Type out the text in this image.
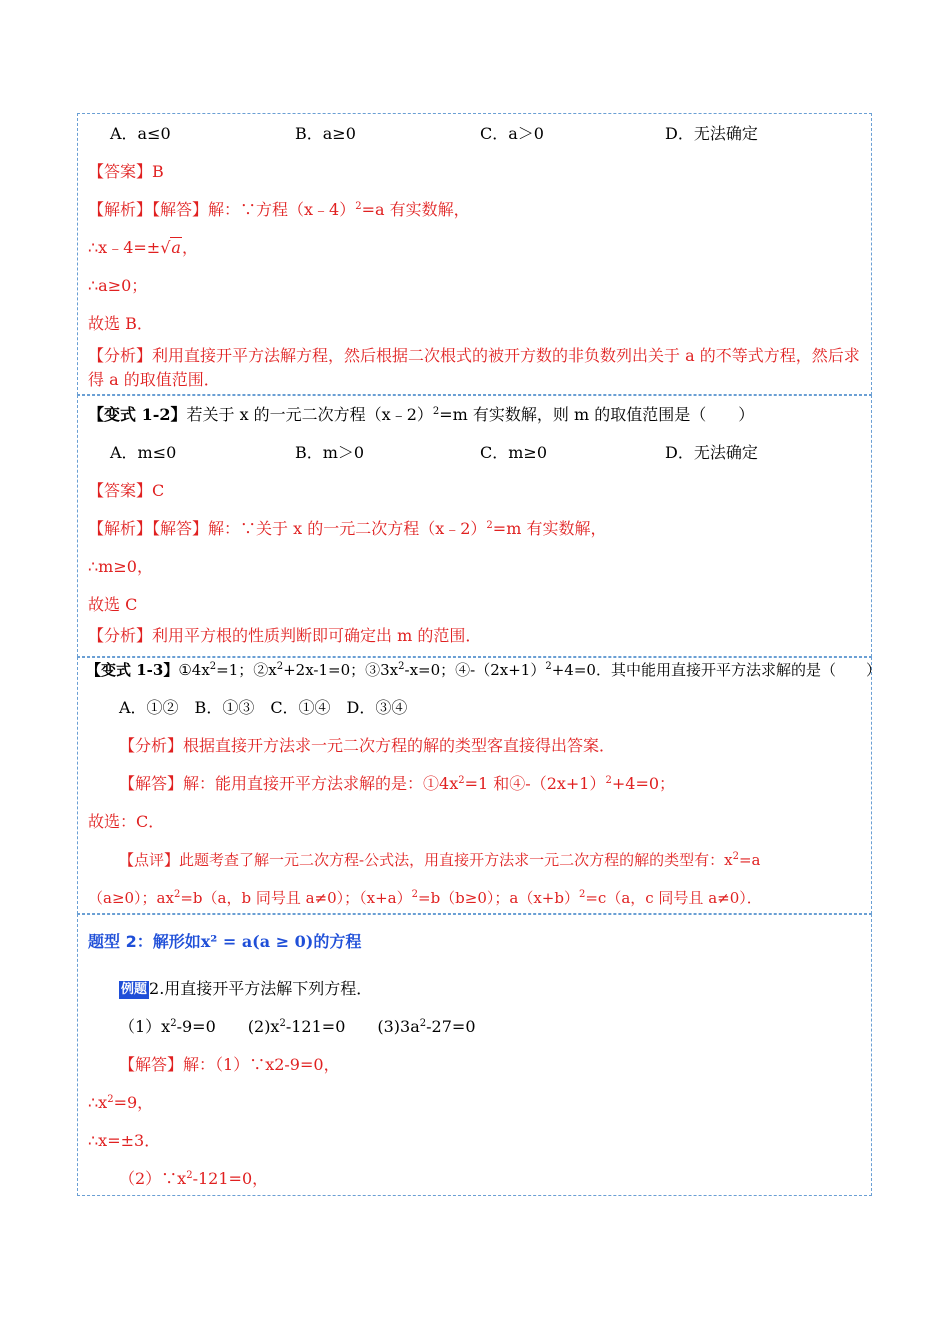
A．a≤0	B．a≥0	C．a＞0	D．无法确定
【答案】B
【解析】【解答】解：∵方程（x﹣4）$^2$=a 有实数解，
∴x﹣4=±√a，
∴a≥0；
故选 B．
【分析】利用直接开平方法解方程，然后根据二次根式的被开方数的非负数列出关于 a 的不等式方程，然后求得 a 的取值范围．
【变式 1-2】若关于 x 的一元二次方程（x﹣2）$^2$=m 有实数解，则 m 的取值范围是（　　）
A．m≤0	B．m＞0	C．m≥0	D．无法确定
【答案】C
【解析】【解答】解：∵关于 x 的一元二次方程（x﹣2）$^2$=m 有实数解，
∴m≥0，
故选 C
【分析】利用平方根的性质判断即可确定出 m 的范围．
【变式 1-3】$①4x^2=1$；$②x^2+2x-1=0$；$③3x^2-x=0$；$④-(2x+1)^2+4=0$．其中能用直接开平方法求解的是（　　）
A．①②　B．①③　C．①④　D．③④
【分析】根据直接开方法求一元二次方程的解的类型客直接得出答案．
【解答】解：能用直接开平方法求解的是：$①4x^2=1$ 和$④-(2x+1)^2+4=0$；
故选：C．
【点评】此题考查了解一元二次方程-公式法，用直接开方法求一元二次方程的解的类型有：$x^2=a$
（a≥0）；$ax^2=b(a$，b 同号且 a≠0）；$(x+a)^2=b(b\ge 0)$；$a(x+b)^2=c(a$，c 同号且 a≠0）．
题型 2：解形如x² = a(a ≥ 0)的方程
例题 2.用直接开平方法解下列方程．
$(1)x^2-9=0$　　$(2)x^2-121=0$　　$(3)3a^2-27=0$
【解答】解：（1）∵x2-9=0，
$\therefore x^2=9$，
∴x=±3．
$(2)\because x^2-121=0$，
